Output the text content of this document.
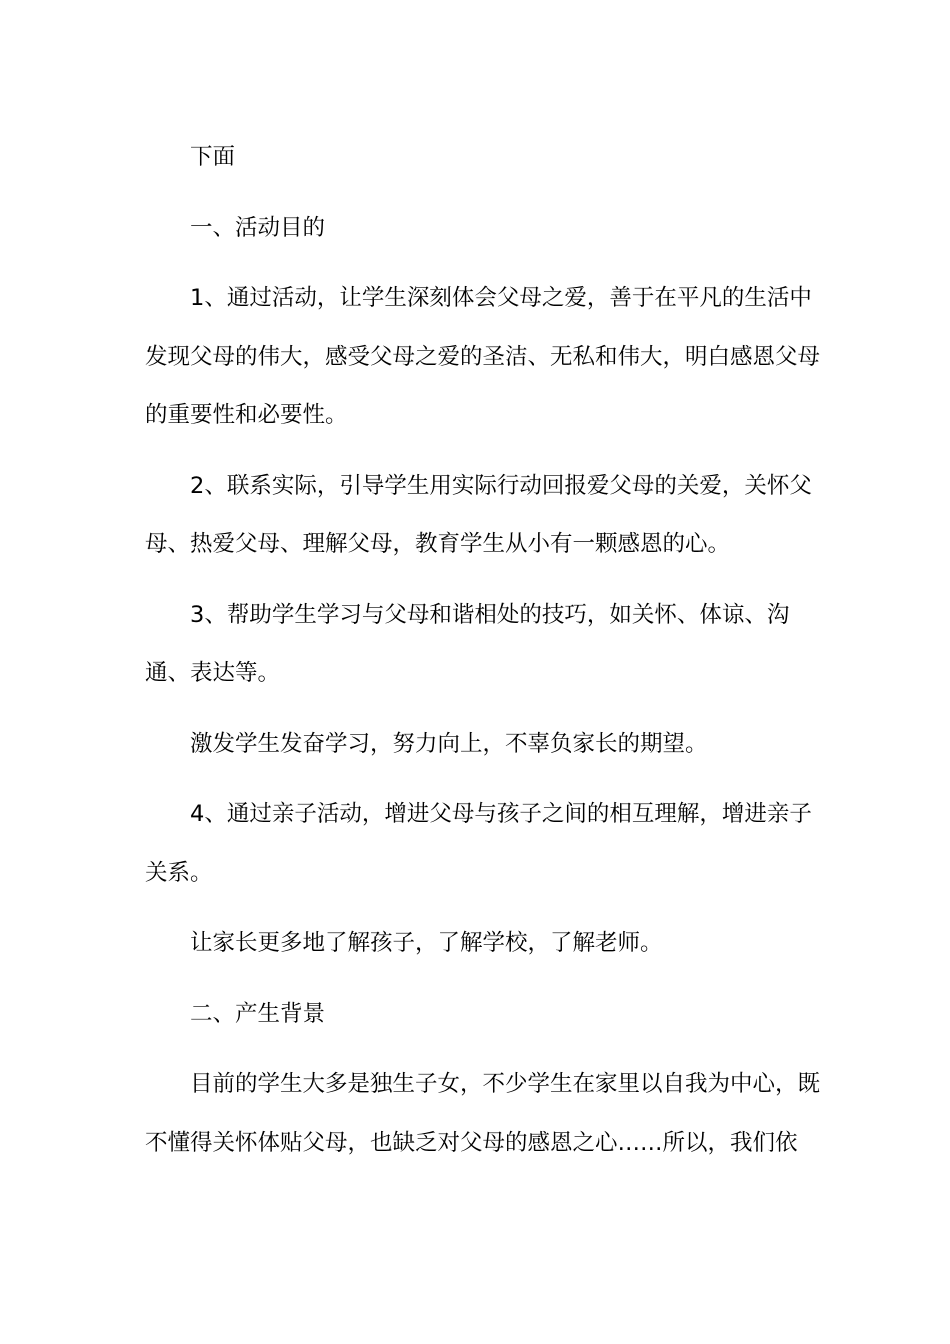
下面

一、活动目的

1、通过活动，让学生深刻体会父母之爱，善于在平凡的生活中发现父母的伟大，感受父母之爱的圣洁、无私和伟大，明白感恩父母的重要性和必要性。

2、联系实际，引导学生用实际行动回报爱父母的关爱，关怀父母、热爱父母、理解父母，教育学生从小有一颗感恩的心。

3、帮助学生学习与父母和谐相处的技巧，如关怀、体谅、沟通、表达等。

激发学生发奋学习，努力向上，不辜负家长的期望。

4、通过亲子活动，增进父母与孩子之间的相互理解，增进亲子关系。

让家长更多地了解孩子，了解学校，了解老师。

二、产生背景

目前的学生大多是独生子女，不少学生在家里以自我为中心，既不懂得关怀体贴父母，也缺乏对父母的感恩之心……所以，我们依
